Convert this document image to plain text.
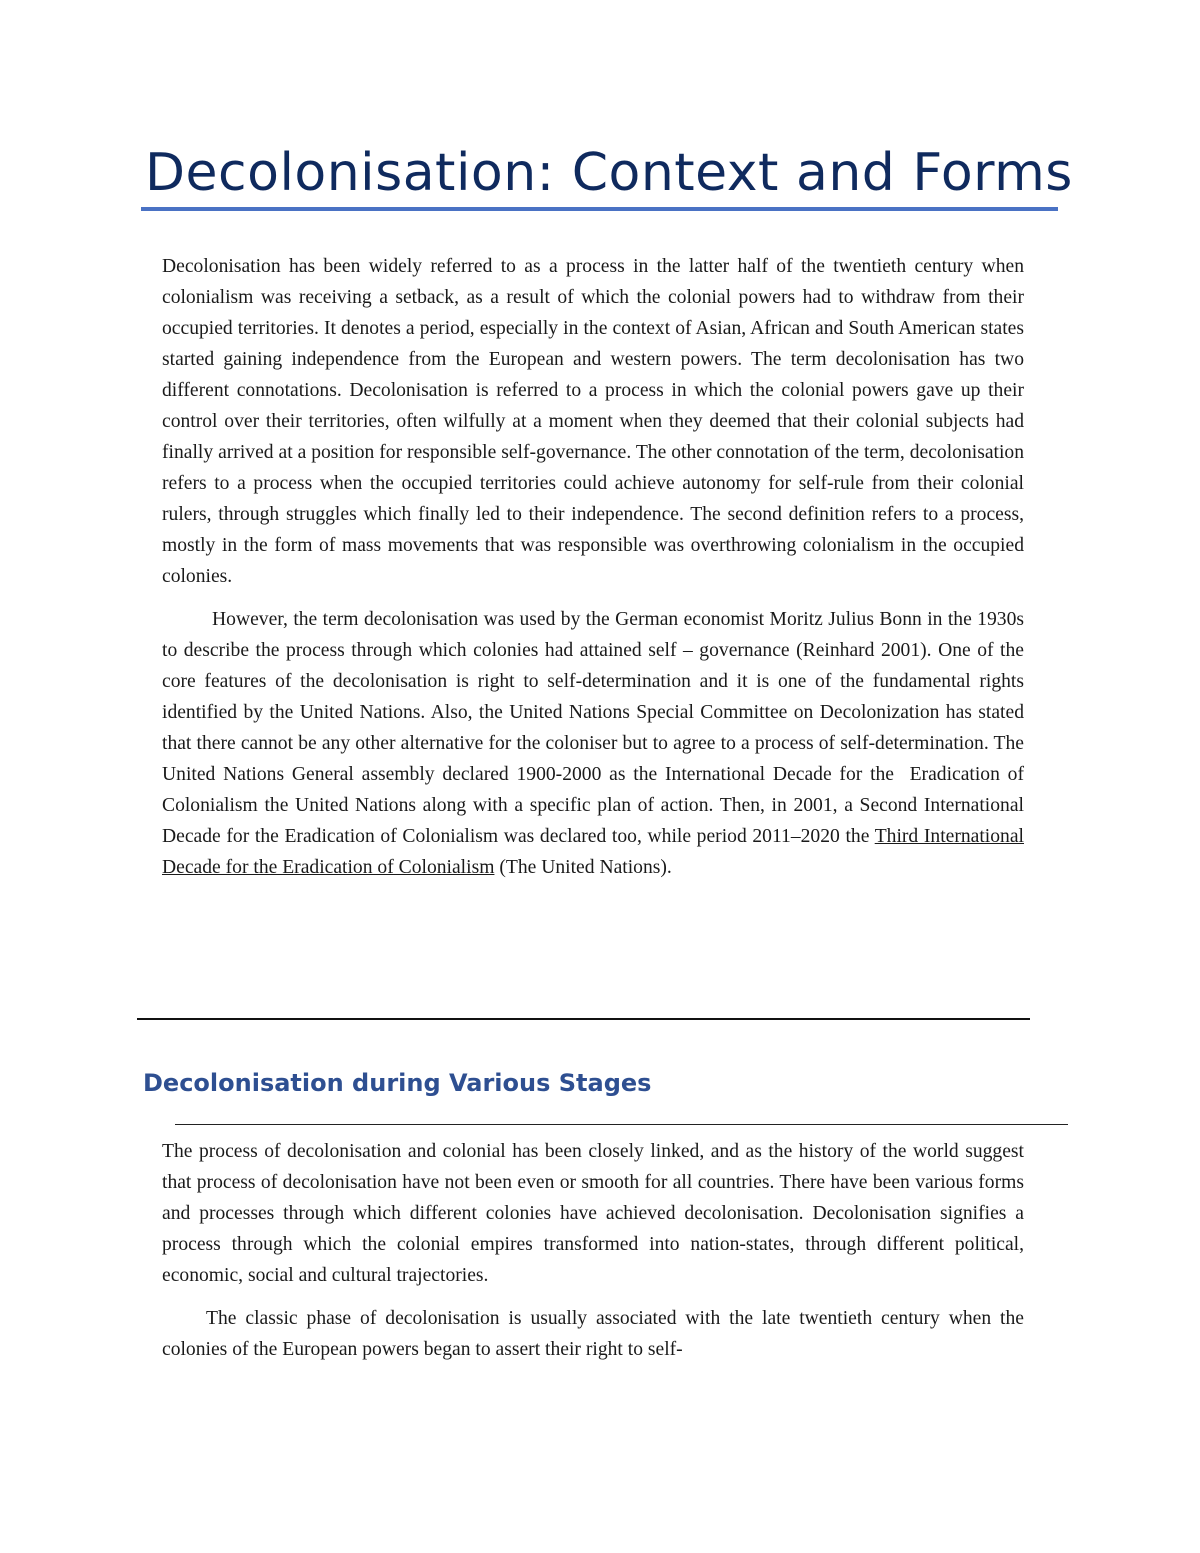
Decolonisation: Context and Forms

Decolonisation has been widely referred to as a process in the latter half of the twentieth century when colonialism was receiving a setback, as a result of which the colonial powers had to withdraw from their occupied territories. It denotes a period, especially in the context of Asian, African and South American states started gaining independence from the European and western powers. The term decolonisation has two different connotations. Decolonisation is referred to a process in which the colonial powers gave up their control over their territories, often wilfully at a moment when they deemed that their colonial subjects had finally arrived at a position for responsible self-governance. The other connotation of the term, decolonisation refers to a process when the occupied territories could achieve autonomy for self-rule from their colonial rulers, through struggles which finally led to their independence. The second definition refers to a process, mostly in the form of mass movements that was responsible was overthrowing colonialism in the occupied colonies.

However, the term decolonisation was used by the German economist Moritz Julius Bonn in the 1930s to describe the process through which colonies had attained self – governance (Reinhard 2001). One of the core features of the decolonisation is right to self-determination and it is one of the fundamental rights identified by the United Nations. Also, the United Nations Special Committee on Decolonization has stated that there cannot be any other alternative for the coloniser but to agree to a process of self-determination. The United Nations General assembly declared 1900-2000 as the International Decade for the  Eradication of Colonialism the United Nations along with a specific plan of action. Then, in 2001, a Second International Decade for the Eradication of Colonialism was declared too, while period 2011–2020 the Third International Decade for the Eradication of Colonialism (The United Nations).

Decolonisation during Various Stages

The process of decolonisation and colonial has been closely linked, and as the history of the world suggest that process of decolonisation have not been even or smooth for all countries. There have been various forms and processes through which different colonies have achieved decolonisation. Decolonisation signifies a process through which the colonial empires transformed into nation-states, through different political, economic, social and cultural trajectories.

The classic phase of decolonisation is usually associated with the late twentieth century when the colonies of the European powers began to assert their right to self-
